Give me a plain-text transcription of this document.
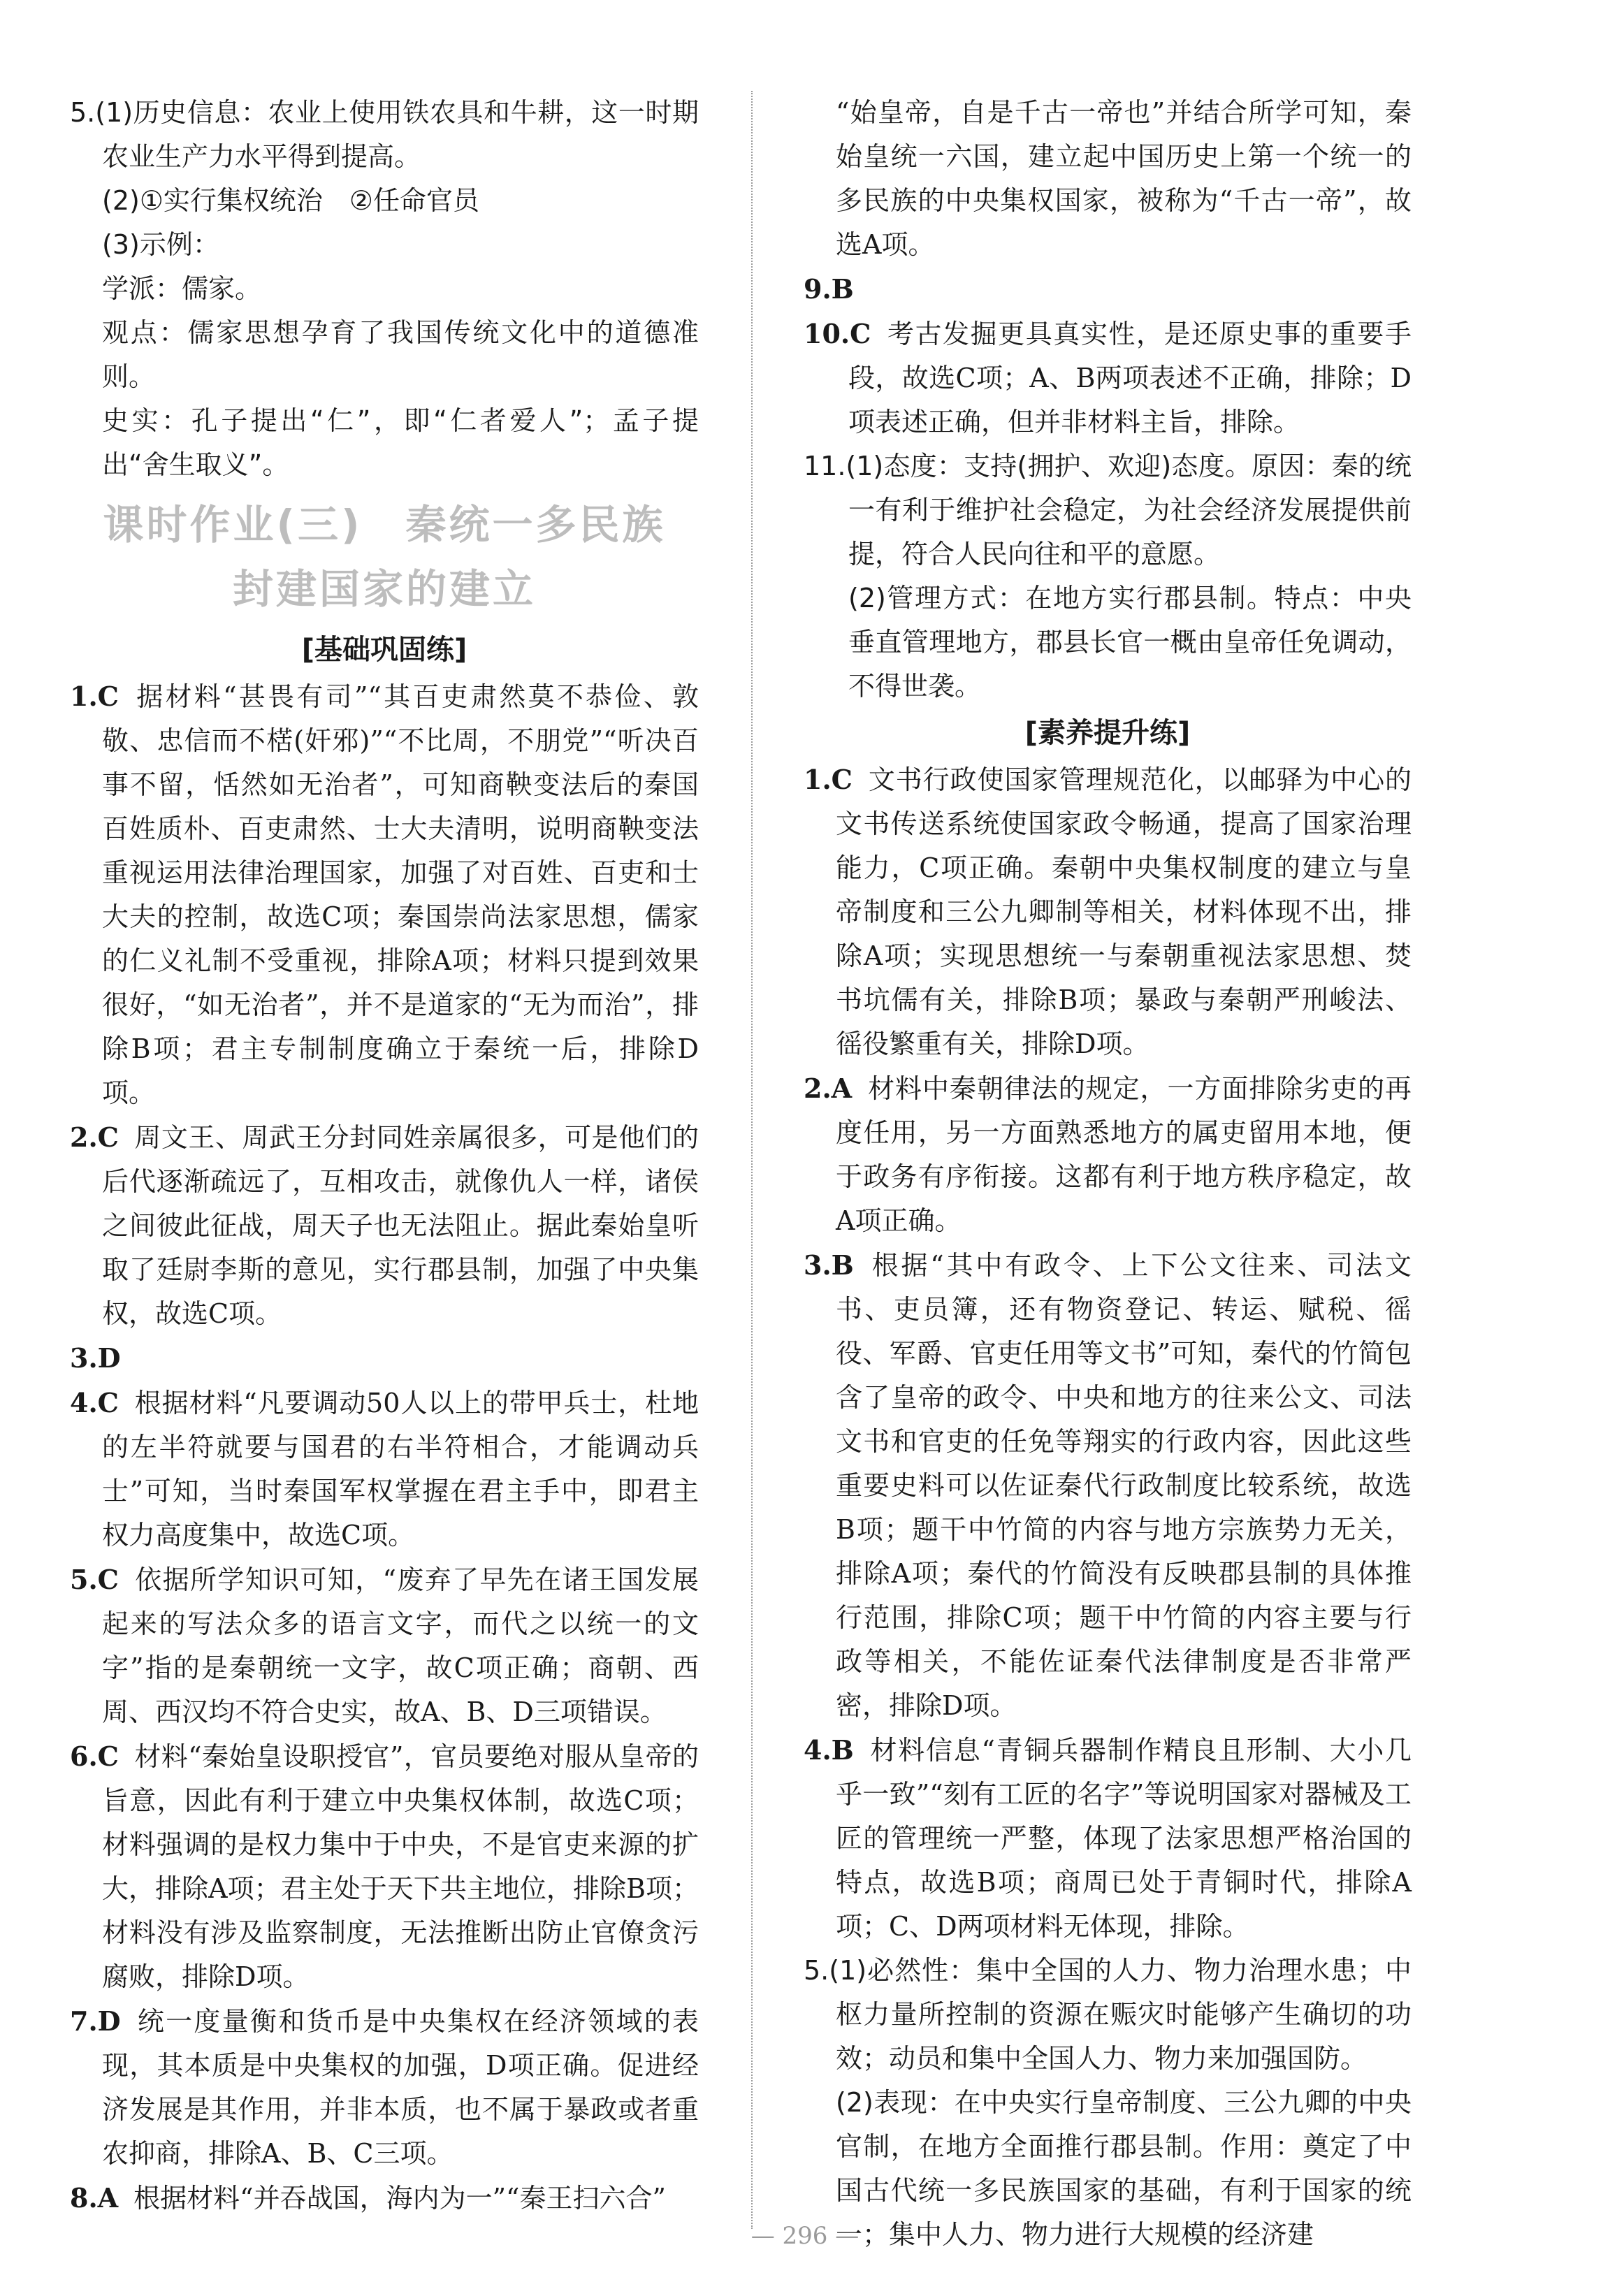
5.(1)历史信息：农业上使用铁农具和牛耕，这一时期农业生产力水平得到提高。

(2)①实行集权统治　②任命官员

(3)示例：

学派：儒家。

观点：儒家思想孕育了我国传统文化中的道德准则。

史实：孔子提出“仁”，即“仁者爱人”；孟子提出“舍生取义”。

课时作业(三)　秦统一多民族
封建国家的建立
[基础巩固练]

1.C 据材料“甚畏有司”“其百吏肃然莫不恭俭、敦敬、忠信而不楛(奸邪)”“不比周，不朋党”“听决百事不留，恬然如无治者”，可知商鞅变法后的秦国百姓质朴、百吏肃然、士大夫清明，说明商鞅变法重视运用法律治理国家，加强了对百姓、百吏和士大夫的控制，故选C项；秦国崇尚法家思想，儒家的仁义礼制不受重视，排除A项；材料只提到效果很好，“如无治者”，并不是道家的“无为而治”，排除B项；君主专制制度确立于秦统一后，排除D项。

2.C 周文王、周武王分封同姓亲属很多，可是他们的后代逐渐疏远了，互相攻击，就像仇人一样，诸侯之间彼此征战，周天子也无法阻止。据此秦始皇听取了廷尉李斯的意见，实行郡县制，加强了中央集权，故选C项。

3.D

4.C 根据材料“凡要调动50人以上的带甲兵士，杜地的左半符就要与国君的右半符相合，才能调动兵士”可知，当时秦国军权掌握在君主手中，即君主权力高度集中，故选C项。

5.C 依据所学知识可知，“废弃了早先在诸王国发展起来的写法众多的语言文字，而代之以统一的文字”指的是秦朝统一文字，故C项正确；商朝、西周、西汉均不符合史实，故A、B、D三项错误。

6.C 材料“秦始皇设职授官”，官员要绝对服从皇帝的旨意，因此有利于建立中央集权体制，故选C项；材料强调的是权力集中于中央，不是官吏来源的扩大，排除A项；君主处于天下共主地位，排除B项；材料没有涉及监察制度，无法推断出防止官僚贪污腐败，排除D项。

7.D 统一度量衡和货币是中央集权在经济领域的表现，其本质是中央集权的加强，D项正确。促进经济发展是其作用，并非本质，也不属于暴政或者重农抑商，排除A、B、C三项。

8.A 根据材料“并吞战国，海内为一”“秦王扫六合”

“始皇帝，自是千古一帝也”并结合所学可知，秦始皇统一六国，建立起中国历史上第一个统一的多民族的中央集权国家，被称为“千古一帝”，故选A项。

9.B

10.C 考古发掘更具真实性，是还原史事的重要手段，故选C项；A、B两项表述不正确，排除；D项表述正确，但并非材料主旨，排除。

11.(1)态度：支持(拥护、欢迎)态度。原因：秦的统一有利于维护社会稳定，为社会经济发展提供前提，符合人民向往和平的意愿。

(2)管理方式：在地方实行郡县制。特点：中央垂直管理地方，郡县长官一概由皇帝任免调动，不得世袭。

[素养提升练]

1.C 文书行政使国家管理规范化，以邮驿为中心的文书传送系统使国家政令畅通，提高了国家治理能力，C项正确。秦朝中央集权制度的建立与皇帝制度和三公九卿制等相关，材料体现不出，排除A项；实现思想统一与秦朝重视法家思想、焚书坑儒有关，排除B项；暴政与秦朝严刑峻法、徭役繁重有关，排除D项。

2.A 材料中秦朝律法的规定，一方面排除劣吏的再度任用，另一方面熟悉地方的属吏留用本地，便于政务有序衔接。这都有利于地方秩序稳定，故A项正确。

3.B 根据“其中有政令、上下公文往来、司法文书、吏员簿，还有物资登记、转运、赋税、徭役、军爵、官吏任用等文书”可知，秦代的竹简包含了皇帝的政令、中央和地方的往来公文、司法文书和官吏的任免等翔实的行政内容，因此这些重要史料可以佐证秦代行政制度比较系统，故选B项；题干中竹简的内容与地方宗族势力无关，排除A项；秦代的竹简没有反映郡县制的具体推行范围，排除C项；题干中竹简的内容主要与行政等相关，不能佐证秦代法律制度是否非常严密，排除D项。

4.B 材料信息“青铜兵器制作精良且形制、大小几乎一致”“刻有工匠的名字”等说明国家对器械及工匠的管理统一严整，体现了法家思想严格治国的特点，故选B项；商周已处于青铜时代，排除A项；C、D两项材料无体现，排除。

5.(1)必然性：集中全国的人力、物力治理水患；中枢力量所控制的资源在赈灾时能够产生确切的功效；动员和集中全国人力、物力来加强国防。

(2)表现：在中央实行皇帝制度、三公九卿的中央官制，在地方全面推行郡县制。作用：奠定了中国古代统一多民族国家的基础，有利于国家的统一；集中人力、物力进行大规模的经济建

— 296 —
